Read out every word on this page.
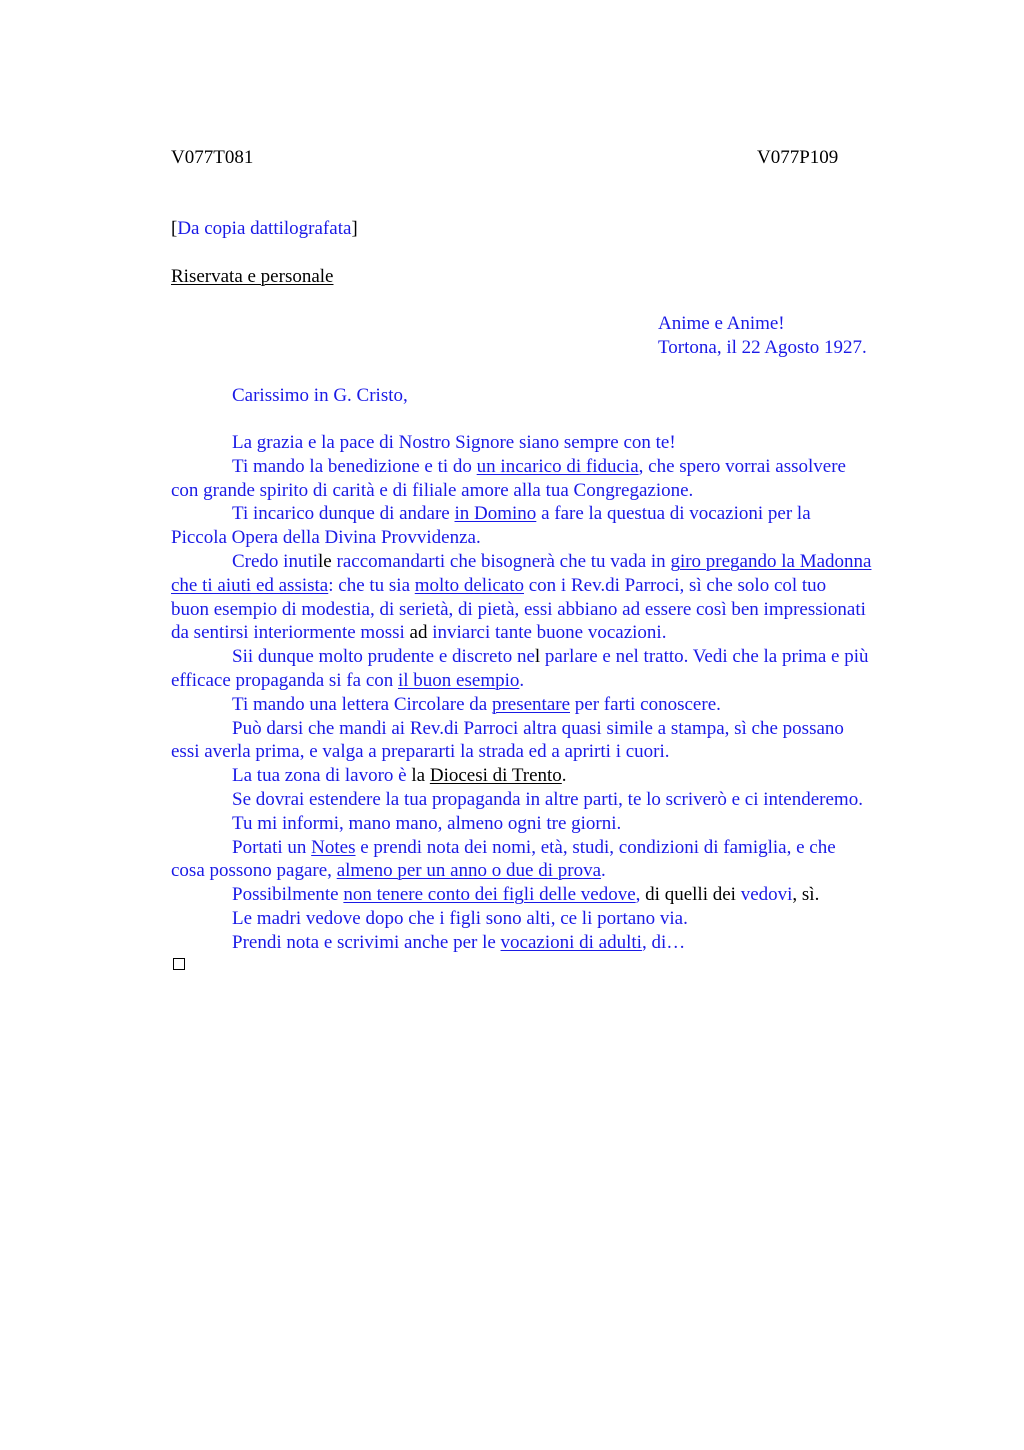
V077T081	V077P109

[Da copia dattilografata]

Riservata e personale

Anime e Anime!

Tortona, il 22 Agosto 1927.

Carissimo in G. Cristo,

La grazia e la pace di Nostro Signore siano sempre con te!

Ti mando la benedizione e ti do un incarico di fiducia, che spero vorrai assolvere
con grande spirito di carità e di filiale amore alla tua Congregazione.

Ti incarico dunque di andare in Domino a fare la questua di vocazioni per la
Piccola Opera della Divina Provvidenza.

Credo inutile raccomandarti che bisognerà che tu vada in giro pregando la Madonna
che ti aiuti ed assista: che tu sia molto delicato con i Rev.di Parroci, sì che solo col tuo
buon esempio di modestia, di serietà, di pietà, essi abbiano ad essere così ben impressionati
da sentirsi interiormente mossi ad inviarci tante buone vocazioni.

Sii dunque molto prudente e discreto nel parlare e nel tratto. Vedi che la prima e più
efficace propaganda si fa con il buon esempio.

Ti mando una lettera Circolare da presentare per farti conoscere.

Può darsi che mandi ai Rev.di Parroci altra quasi simile a stampa, sì che possano
essi averla prima, e valga a prepararti la strada ed a aprirti i cuori.

La tua zona di lavoro è la Diocesi di Trento.

Se dovrai estendere la tua propaganda in altre parti, te lo scriverò e ci intenderemo.

Tu mi informi, mano mano, almeno ogni tre giorni.

Portati un Notes e prendi nota dei nomi, età, studi, condizioni di famiglia, e che
cosa possono pagare, almeno per un anno o due di prova.

Possibilmente non tenere conto dei figli delle vedove, di quelli dei vedovi, sì.

Le madri vedove dopo che i figli sono alti, ce li portano via.

Prendi nota e scrivimi anche per le vocazioni di adulti, di…
